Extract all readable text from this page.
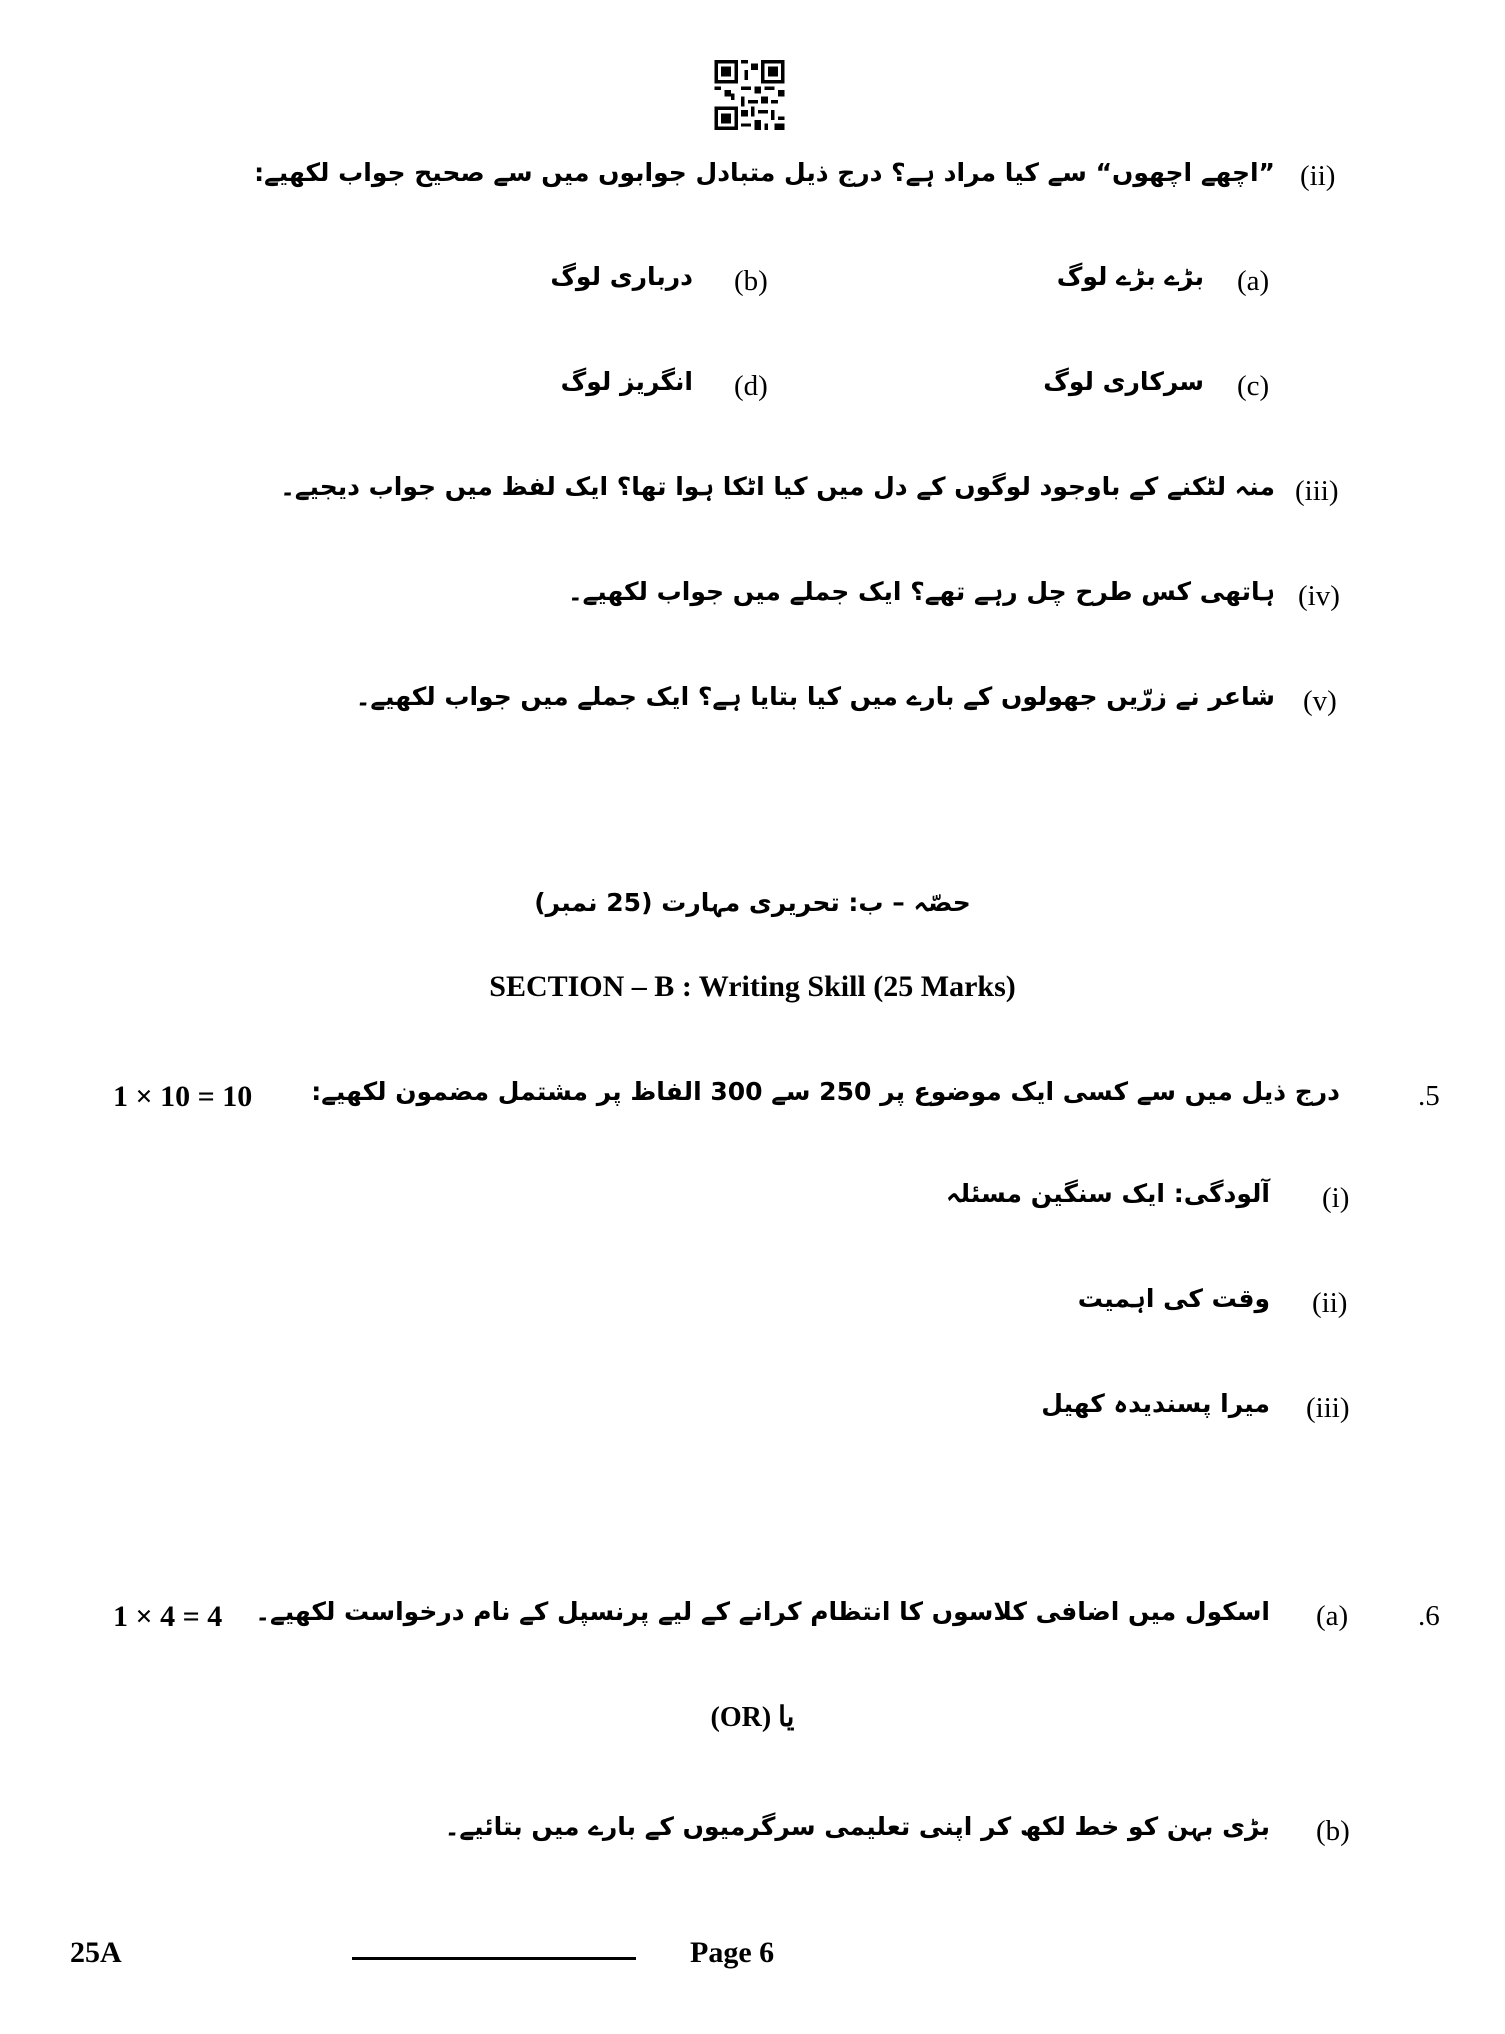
(ii)
”اچھے اچھوں“ سے کیا مراد ہے؟ درج ذیل متبادل جوابوں میں سے صحیح جواب لکھیے:
(a)
بڑے بڑے لوگ
(b)
درباری لوگ
(c)
سرکاری لوگ
(d)
انگریز لوگ
(iii)
منہ لٹکنے کے باوجود لوگوں کے دل میں کیا اٹکا ہوا تھا؟ ایک لفظ میں جواب دیجیے۔
(iv)
ہاتھی کس طرح چل رہے تھے؟ ایک جملے میں جواب لکھیے۔
(v)
شاعر نے زرّیں جھولوں کے بارے میں کیا بتایا ہے؟ ایک جملے میں جواب لکھیے۔
حصّہ – ب: تحریری مہارت (25 نمبر)
SECTION – B : Writing Skill (25 Marks)
.5
درج ذیل میں سے کسی ایک موضوع پر 250 سے 300 الفاظ پر مشتمل مضمون لکھیے:
1 × 10 = 10
(i)
آلودگی: ایک سنگین مسئلہ
(ii)
وقت کی اہمیت
(iii)
میرا پسندیدہ کھیل
.6
(a)
اسکول میں اضافی کلاسوں کا انتظام کرانے کے لیے پرنسپل کے نام درخواست لکھیے۔
1 × 4 = 4
یا (OR)
(b)
بڑی بہن کو خط لکھ کر اپنی تعلیمی سرگرمیوں کے بارے میں بتائیے۔
25A	Page 6
